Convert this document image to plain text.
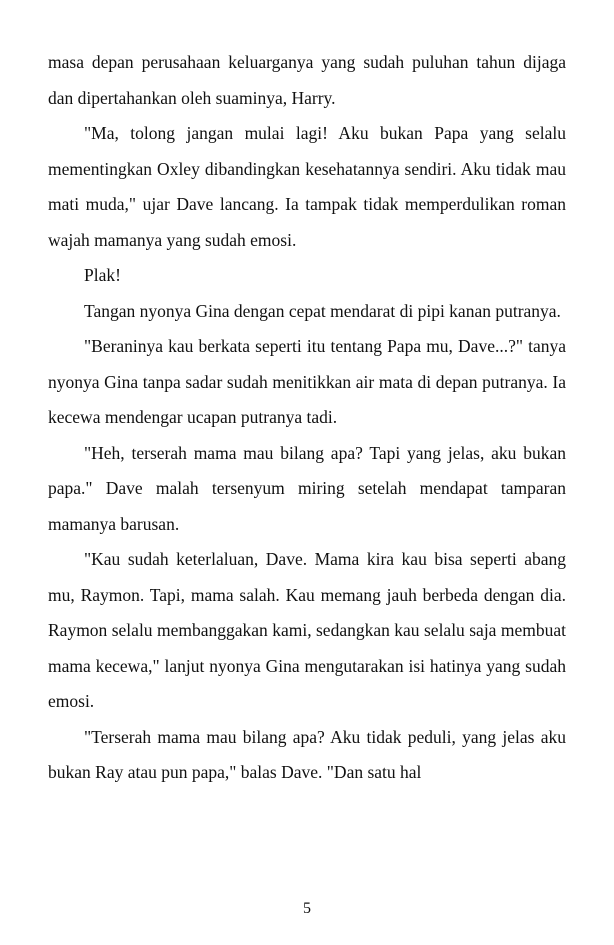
masa depan perusahaan keluarganya yang sudah puluhan tahun dijaga dan dipertahankan oleh suaminya, Harry.

"Ma, tolong jangan mulai lagi! Aku bukan Papa yang selalu mementingkan Oxley dibandingkan kesehatannya sendiri. Aku tidak mau mati muda," ujar Dave lancang. Ia tampak tidak memperdulikan roman wajah mamanya yang sudah emosi.

Plak!

Tangan nyonya Gina dengan cepat mendarat di pipi kanan putranya.

"Beraninya kau berkata seperti itu tentang Papa mu, Dave...?" tanya nyonya Gina tanpa sadar sudah menitikkan air mata di depan putranya. Ia kecewa mendengar ucapan putranya tadi.

"Heh, terserah mama mau bilang apa? Tapi yang jelas, aku bukan papa." Dave malah tersenyum miring setelah mendapat tamparan mamanya barusan.

"Kau sudah keterlaluan, Dave. Mama kira kau bisa seperti abang mu, Raymon. Tapi, mama salah. Kau memang jauh berbeda dengan dia. Raymon selalu membanggakan kami, sedangkan kau selalu saja membuat mama kecewa," lanjut nyonya Gina mengutarakan isi hatinya yang sudah emosi.

"Terserah mama mau bilang apa? Aku tidak peduli, yang jelas aku bukan Ray atau pun papa," balas Dave. "Dan satu hal

5
